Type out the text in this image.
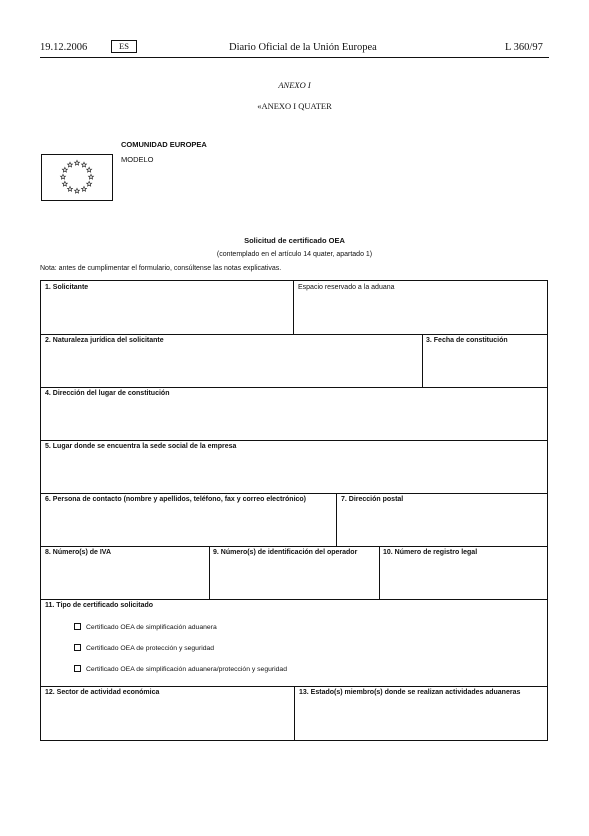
19.12.2006	ES	Diario Oficial de la Unión Europea	L 360/97
ANEXO I
«ANEXO I QUATER
COMUNIDAD EUROPEA
MODELO
Solicitud de certificado OEA
(contemplado en el artículo 14 quater, apartado 1)
Nota: antes de cumplimentar el formulario, consúltense las notas explicativas.
1. Solicitante	Espacio reservado a la aduana
2. Naturaleza jurídica del solicitante	3. Fecha de constitución
4. Dirección del lugar de constitución
5. Lugar donde se encuentra la sede social de la empresa
6. Persona de contacto (nombre y apellidos, teléfono, fax y correo electrónico)	7. Dirección postal
8. Número(s) de IVA	9. Número(s) de identificación del operador	10. Número de registro legal
11. Tipo de certificado solicitado
Certificado OEA de simplificación aduanera
Certificado OEA de protección y seguridad
Certificado OEA de simplificación aduanera/protección y seguridad
12. Sector de actividad económica	13. Estado(s) miembro(s) donde se realizan actividades aduaneras
